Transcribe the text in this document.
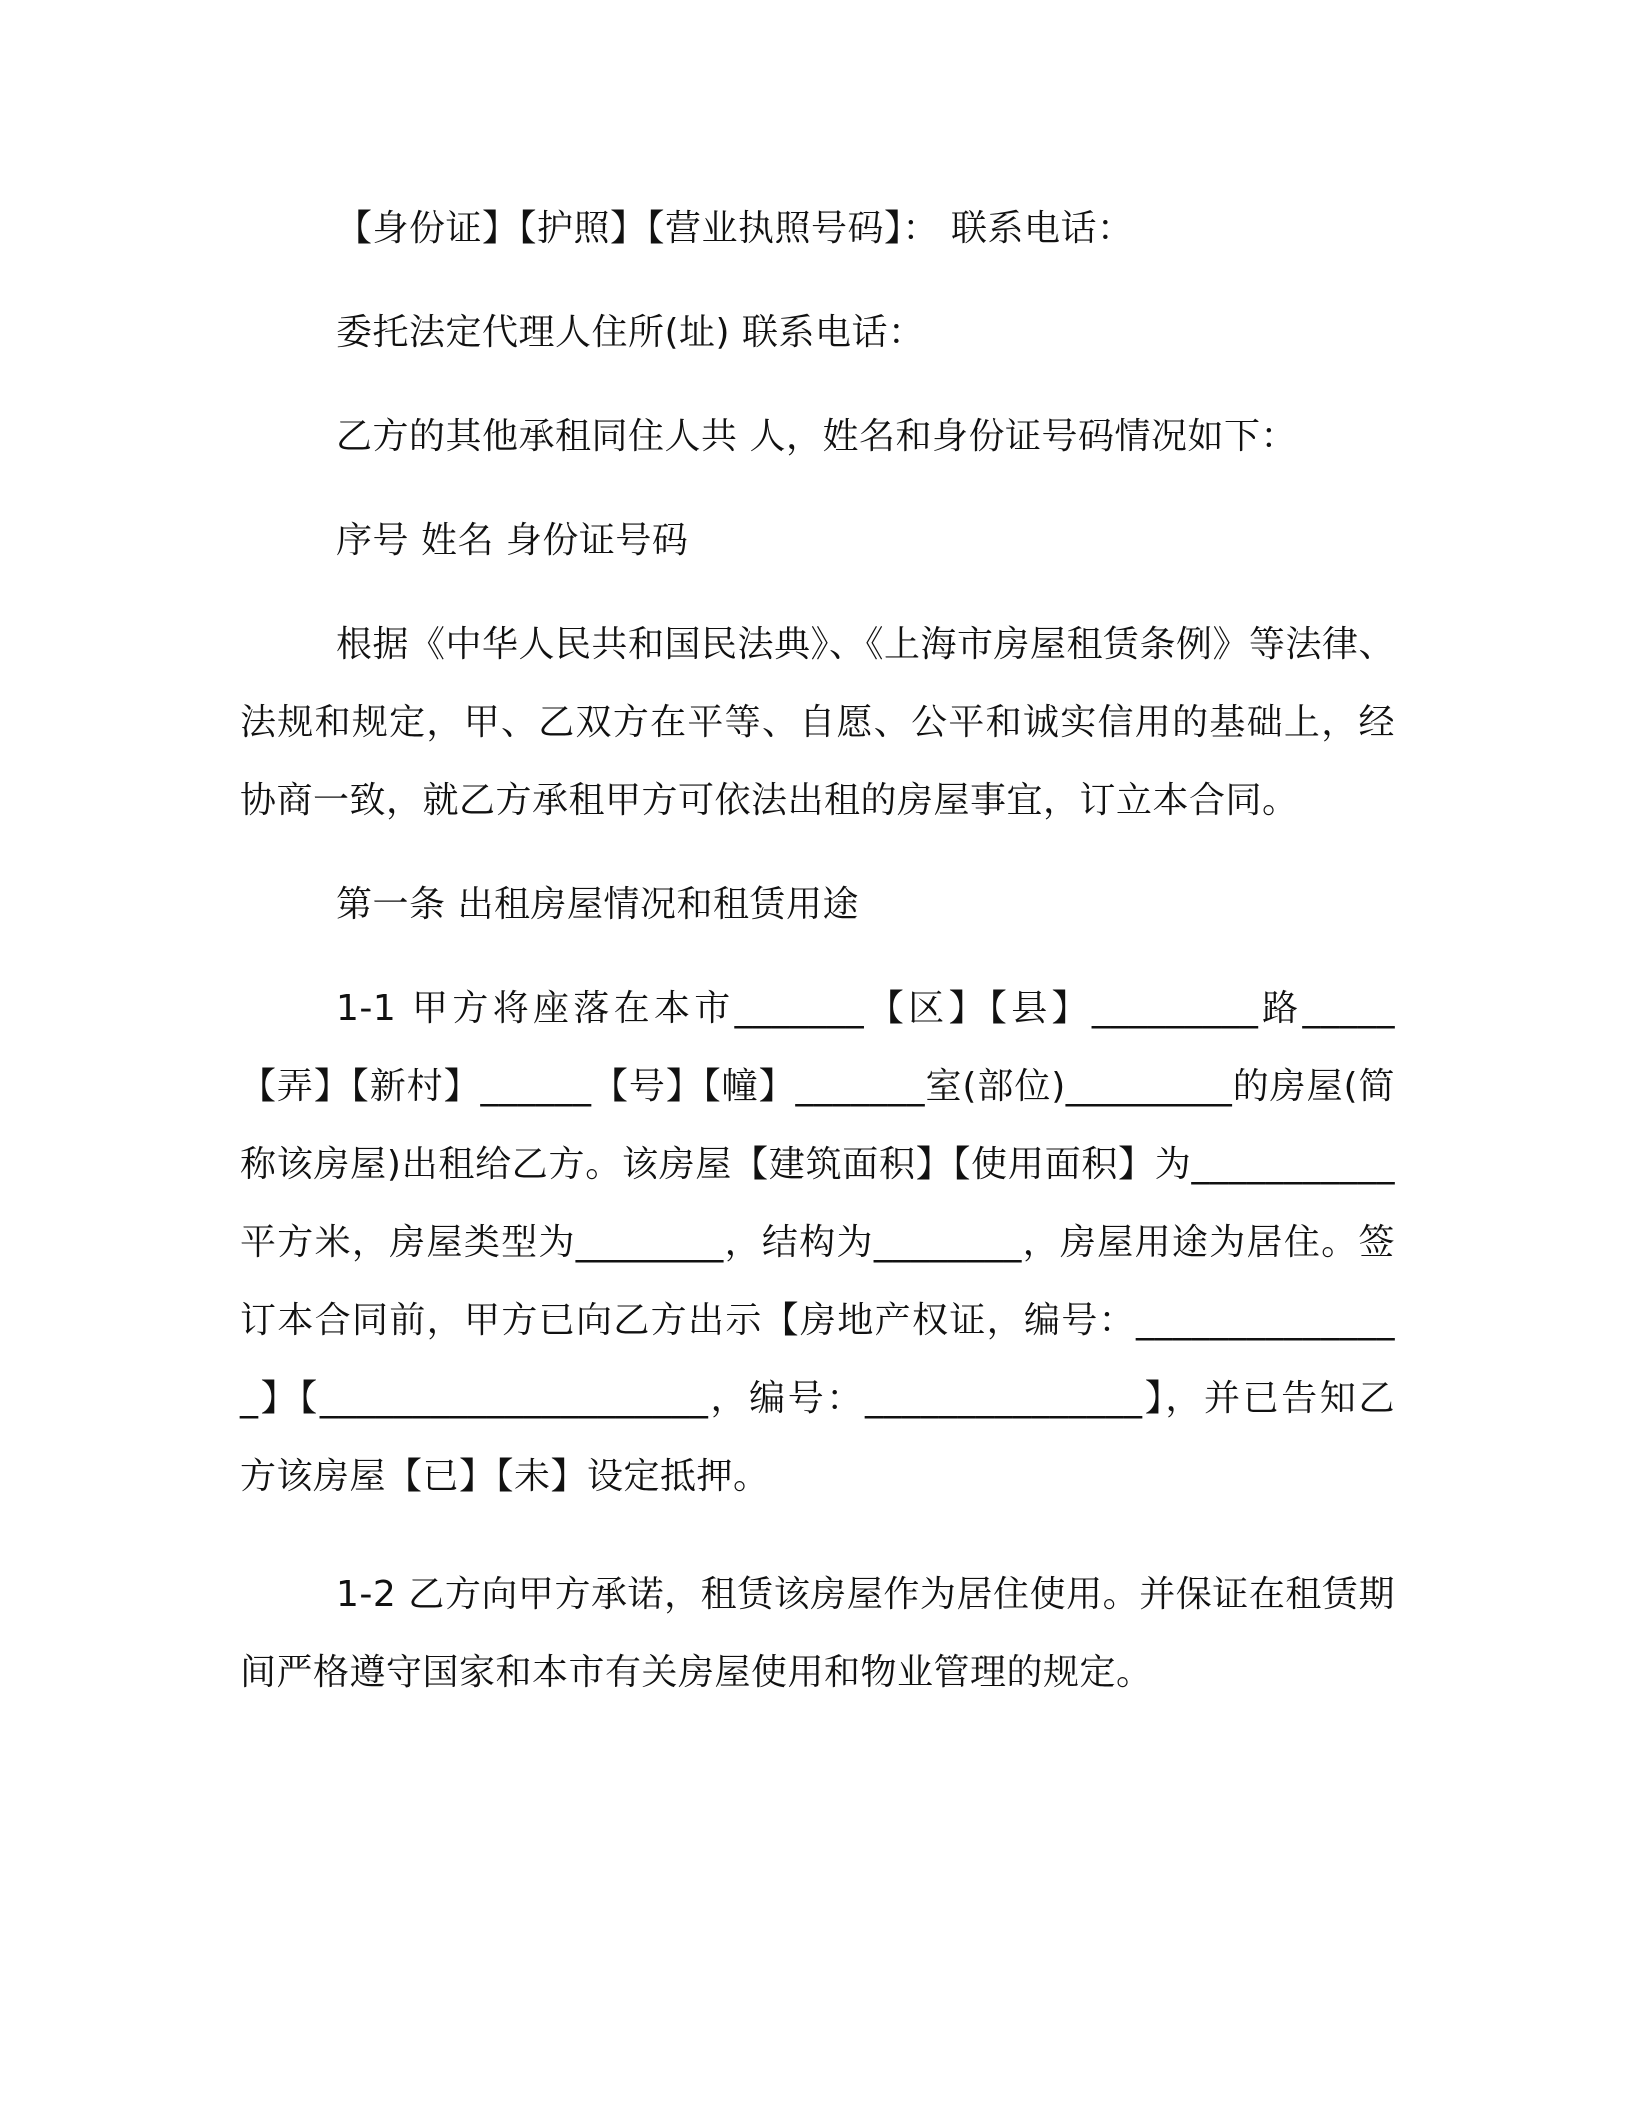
【身份证】【护照】【营业执照号码】： 联系电话：

委托法定代理人住所(址) 联系电话：

乙方的其他承租同住人共 人，姓名和身份证号码情况如下：

序号 姓名 身份证号码

根据《中华人民共和国民法典》、《上海市房屋租赁条例》等法律、法规和规定，甲、乙双方在平等、自愿、公平和诚实信用的基础上，经协商一致，就乙方承租甲方可依法出租的房屋事宜，订立本合同。

第一条 出租房屋情况和租赁用途

1-1 甲方将座落在本市_______【区】【县】_________路_____【弄】【新村】______【号】【幢】_______室(部位)_________的房屋(简称该房屋)出租给乙方。该房屋【建筑面积】【使用面积】为___________平方米，房屋类型为________，结构为________，房屋用途为居住。签订本合同前，甲方已向乙方出示【房地产权证，编号：_______________】【_____________________，编号：_______________】，并已告知乙方该房屋【已】【未】设定抵押。

1-2 乙方向甲方承诺，租赁该房屋作为居住使用。并保证在租赁期间严格遵守国家和本市有关房屋使用和物业管理的规定。
